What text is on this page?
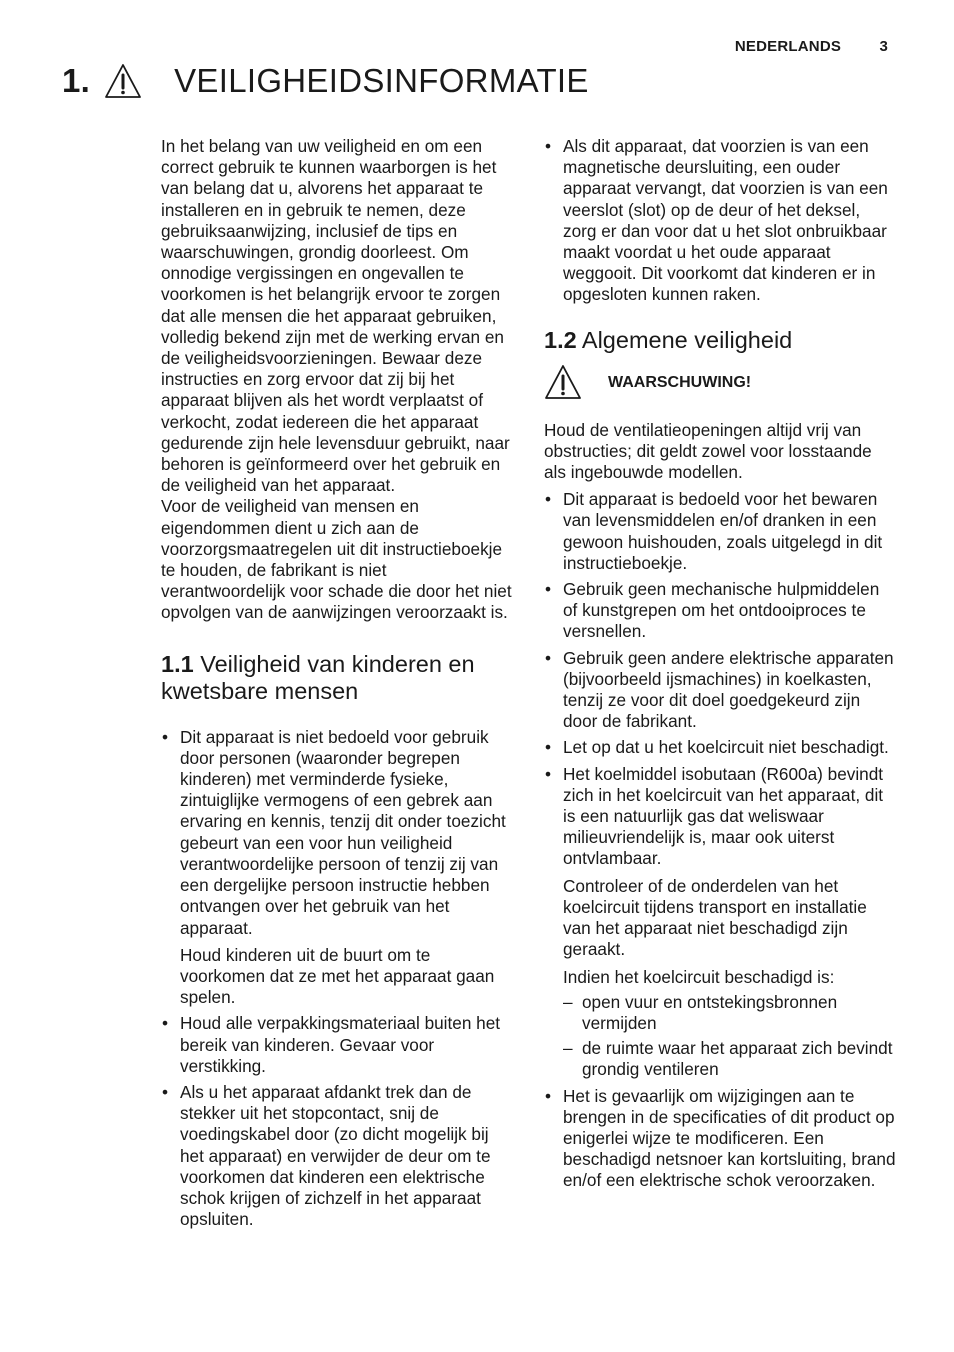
NEDERLANDS	3
1.	VEILIGHEIDSINFORMATIE

In het belang van uw veiligheid en om een correct gebruik te kunnen waarborgen is het van belang dat u, alvorens het apparaat te installeren en in gebruik te nemen, deze gebruiksaanwijzing, inclusief de tips en waarschuwingen, grondig doorleest. Om onnodige vergissingen en ongevallen te voorkomen is het belangrijk ervoor te zorgen dat alle mensen die het apparaat gebruiken, volledig bekend zijn met de werking ervan en de veiligheidsvoorzieningen. Bewaar deze instructies en zorg ervoor dat zij bij het apparaat blijven als het wordt verplaatst of verkocht, zodat iedereen die het apparaat gedurende zijn hele levensduur gebruikt, naar behoren is geïnformeerd over het gebruik en de veiligheid van het apparaat.

Voor de veiligheid van mensen en eigendommen dient u zich aan de voorzorgsmaatregelen uit dit instructieboekje te houden, de fabrikant is niet verantwoordelijk voor schade die door het niet opvolgen van de aanwijzingen veroorzaakt is.

1.1 Veiligheid van kinderen en kwetsbare mensen
• Dit apparaat is niet bedoeld voor gebruik door personen (waaronder begrepen kinderen) met verminderde fysieke, zintuiglijke vermogens of een gebrek aan ervaring en kennis, tenzij dit onder toezicht gebeurt van een voor hun veiligheid verantwoordelijke persoon of tenzij zij van een dergelijke persoon instructie hebben ontvangen over het gebruik van het apparaat.
Houd kinderen uit de buurt om te voorkomen dat ze met het apparaat gaan spelen.
• Houd alle verpakkingsmateriaal buiten het bereik van kinderen. Gevaar voor verstikking.
• Als u het apparaat afdankt trek dan de stekker uit het stopcontact, snij de voedingskabel door (zo dicht mogelijk bij het apparaat) en verwijder de deur om te voorkomen dat kinderen een elektrische schok krijgen of zichzelf in het apparaat opsluiten.
• Als dit apparaat, dat voorzien is van een magnetische deursluiting, een ouder apparaat vervangt, dat voorzien is van een veerslot (slot) op de deur of het deksel, zorg er dan voor dat u het slot onbruikbaar maakt voordat u het oude apparaat weggooit. Dit voorkomt dat kinderen er in opgesloten kunnen raken.
1.2 Algemene veiligheid
WAARSCHUWING!

Houd de ventilatieopeningen altijd vrij van obstructies; dit geldt zowel voor losstaande als ingebouwde modellen.

• Dit apparaat is bedoeld voor het bewaren van levensmiddelen en/of dranken in een gewoon huishouden, zoals uitgelegd in dit instructieboekje.
• Gebruik geen mechanische hulpmiddelen of kunstgrepen om het ontdooiproces te versnellen.
• Gebruik geen andere elektrische apparaten (bijvoorbeeld ijsmachines) in koelkasten, tenzij ze voor dit doel goedgekeurd zijn door de fabrikant.
• Let op dat u het koelcircuit niet beschadigt.
• Het koelmiddel isobutaan (R600a) bevindt zich in het koelcircuit van het apparaat, dit is een natuurlijk gas dat weliswaar milieuvriendelijk is, maar ook uiterst ontvlambaar.
Controleer of de onderdelen van het koelcircuit tijdens transport en installatie van het apparaat niet beschadigd zijn geraakt.
Indien het koelcircuit beschadigd is:
– open vuur en ontstekingsbronnen vermijden
– de ruimte waar het apparaat zich bevindt grondig ventileren
• Het is gevaarlijk om wijzigingen aan te brengen in de specificaties of dit product op enigerlei wijze te modificeren. Een beschadigd netsnoer kan kortsluiting, brand en/of een elektrische schok veroorzaken.
